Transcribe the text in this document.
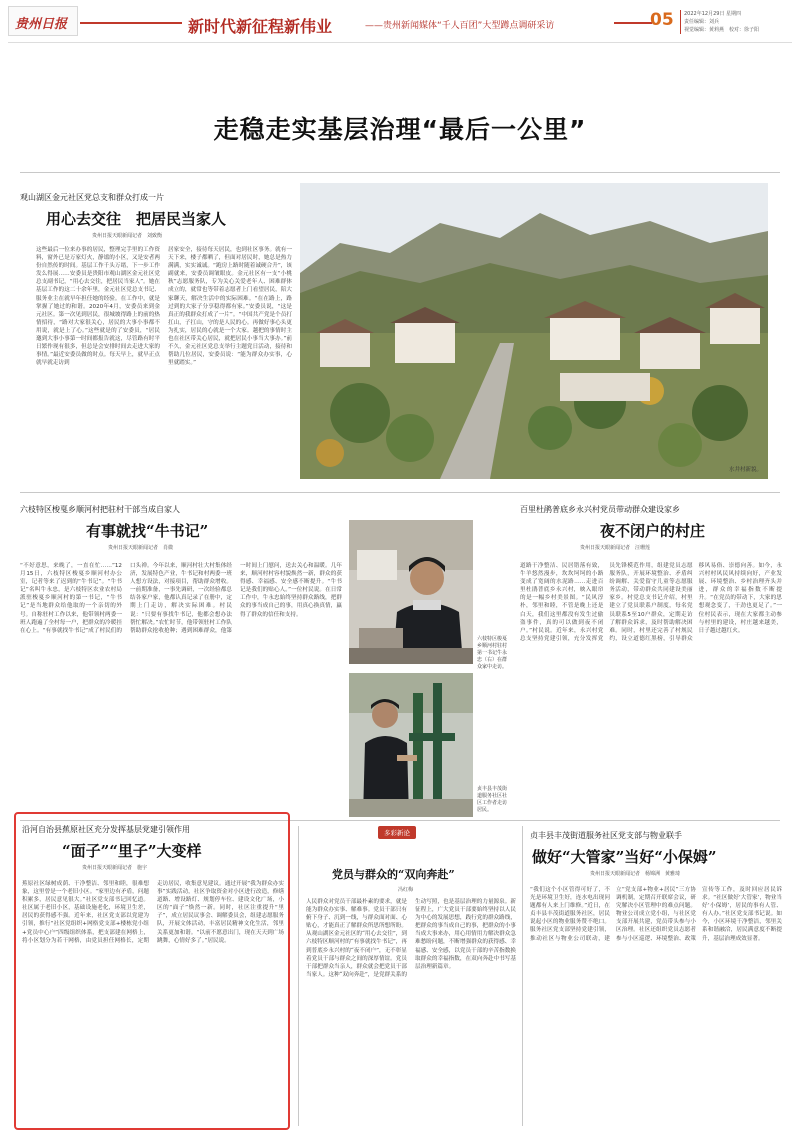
贵州日报	新时代新征程新伟业	——贵州新闻媒体“千人百团”大型蹲点调研采访	05 2022年12月29日 星期四
责任编辑：刘兵
视觉编辑：黄莉燕　校对：徐子阳
走稳走实基层治理“最后一公里”
观山湖区金元社区党总支和群众打成一片
用心去交往　把居民当家人
贵州日报天眼新闻记者　刘致衡
这些最后一位来办事的居民，整理完手里的工作资料，窗外已是万家灯火，静谧的小区，又是安者两份自然传的时间。基层工作千头万绪，下一步工作发么得展……安委员是贵阳市观山湖区金元社区党总支副书记，“用心去交往，把居民当家人”。她在基层工作的这二十余年里，金元社区党总支书记、服务业主在就早年担任她的经验。在工作中，就是掌握了她过的和谐。2020年4月，安委员来到金元社区。第一次见到居民，很城坡得路上的前的热情招待，“路对大家很关心，居民的大事小事都不用说，就是上了心。”这些就是的了安委员，“居民邀到大事小事第一时间都报告就这，尽管路有时平日繁作现有很多，但总是会安排时间去走进大家的事情。”最近安委员做的时点。每天早上，就早正点就早就走访到
居家安全，接待每天居民，也到社区事务。就有一天下来，楼子都晒了，但面对居民时，她总是热力满满，实实诚诚。“跑房上路时随着诚硬合升”，该副就来，安委员调皱眼皮。金元社区有一支“小桃秋”志愿服务队，专为关心关爱老年人、困难群体成立的，就常也等带着志愿者上门看望居民，陪大家聊天，解决生活中的实际困难。“在在路上，路过到的大家子分享稳得都有家。”安委员说，“这是真正的我群众打成了一片”。“中国共产党是个员打扛山，子扛山，守的是人民的心。再做好事心头更为扎实，居民的心就是一个大家。越把的事情时主也在社区带关心居民，就把居民小事当大事办。”前不久，金元社区党总支举行主题党日活动，接待和帮助几位居民，安委员说：“能为群众办实事，心里就踏实。”
水井村新貌。
六枝特区梭戛乡顺河村把驻村干部当成自家人
有事就找“牛书记”
贵州日报天眼新闻记者　肖微
“不好意思，来晚了，一直在忙……”12月15日，六枝特区梭戛乡顺河村办公室，记者等来了迟到的“牛书记”。“牛书记”名叫牛永忠，是六枝特区农业农村局派驻梭戛乡顺河村的第一书记，“牛书记”是当地群众给他取的一个亲切的外号。自称驻村工作以来，他带领村两委一班人跑遍了全村每一户，把群众的冷暖挂在心上。“有事就找牛书记”成了村民们的口头禅。今年以来，顺河村壮大村集体经济，发展特色产业，牛书记和村两委一班人想方设法，对接项目，帮助群众增收。一前期准备，一事先调研，一次经验都总结各家户家，他都认真记录了在册中，定期上门走访，解决实际困难。村民说：“只要有事找牛书记，他都会想办法帮忙解决。”农忙时节，他带领驻村工作队帮助群众抢收抢种；遇到困难群众，他第一时间上门慰问，送去关心和温暖。几年来，顺河村村容村貌焕然一新，群众的获得感、幸福感、安全感不断提升。“牛书记是我们的贴心人。”一位村民说。在日常工作中，牛永忠始终坚持群众路线，把群众的事当成自己的事，用真心换真情，赢得了群众的信任和支持。
六枝特区梭戛乡顺河村驻村第一书记牛永忠（右）在群众家中走访。
贞丰县丰茂街道服务社区社区工作者走访居民。
百里杜鹃普底乡永兴村党员带动群众建设家乡
夜不闭户的村庄
贵州日报天眼新闻记者　汪珊莲
道路干净整洁、民居错落有致，牛羊悠然漫步，坎坎坷坷的小路变成了宽阔的水泥路……走进百里杜鹃普底乡永兴村，映入眼帘的是一幅乡村美景图。“民风淳朴，邻里和睦，不管是晚上还是白天，我们这里都没有发生过偷盗事件，真的可以做到夜不闭户。”村民说。近年来，永兴村党总支坚持党建引领，充分发挥党员先锋模范作用，组建党员志愿服务队，开展环境整治、矛盾纠纷调解、关爱留守儿童等志愿服务活动，带动群众共同建设美丽家乡。村党总支书记介绍，村里建立了党员联系户制度，每名党员联系5至10户群众，定期走访了解群众诉求，及时帮助解决困难。同时，村里还完善了村规民约，设立道德红黑榜，引导群众移风易俗、崇德向善。如今，永兴村村风民风持续向好，产业发展、环境整治、乡村治理齐头并进，群众的幸福指数不断提升。“在党员的带动下，大家的思想观念变了，干劲也更足了。”一位村民表示，现在大家都主动参与村里的建设，村庄越来越美，日子越过越红火。
沿河自治县蕉原社区充分发挥基层党建引领作用
“面子”“里子”大变样
贵州日报天眼新闻记者　施宇
蕉原社区绿树成荫、干净整洁、邻里和睦，很难想象，这里曾是一个老旧小区。“家里边有矛盾，问题积累多，居民意见很大。”社区党支部书记回忆道。社区属于老旧小区，基础设施老化，环境卫生差，居民的获得感不强。近年来，社区党支部以党建为引领，推行“社区党组织+网格党支部+楼栋党小组+党员中心户”四级组织体系，把支部建在网格上，将小区划分为若干网格，由党员担任网格长，定期走访居民，收集意见建议。通过开展“我为群众办实事”实践活动，社区争取资金对小区进行改造，修缮道路、增设路灯、规划停车位、建设文化广场，小区的“面子”焕然一新。同时，社区注重提升“里子”，成立居民议事会、调解委员会，组建志愿服务队，开展文体活动，丰富居民精神文化生活，邻里关系更加和谐。“以前不愿意出门，现在天天到广场跳舞，心情好多了。”居民说。
多彩新论
党员与群众的“双向奔赴”
冯红梅
人民群众对党员干部最朴素的要求，就是能为群众办实事、解难事。党员干部只有俯下身子、沉到一线，与群众面对面、心贴心，才能真正了解群众所思所想所盼。从观山湖区金元社区的“用心去交往”，到六枝特区顺河村的“有事就找牛书记”，再到普底乡永兴村的“夜不闭户”，无不彰显着党员干部与群众之间的深厚情谊。党员干部把群众当亲人，群众就会把党员干部当家人。这种“双向奔赴”，是党群关系的生动写照，也是基层治理的力量源泉。新征程上，广大党员干部要始终坚持以人民为中心的发展思想，践行党的群众路线，把群众的事当成自己的事，把群众的小事当成大事来办，用心用情用力解决群众急难愁盼问题，不断增强群众的获得感、幸福感、安全感，以党员干部的辛苦指数换取群众的幸福指数，在双向奔赴中书写基层治理新篇章。
贞丰县丰茂街道服务社区党支部与物业联手
做好“大管家”当好“小保姆”
贵州日报天眼新闻记者　杨锦洲　黄雅琦
“我们这个小区管得可好了，不光是环境卫生好，连水电出现问题都有人来上门维修。”近日，在贞丰县丰茂街道服务社区，居民说起小区的物业服务赞不绝口。服务社区党支部坚持党建引领，推动社区与物业公司联动，建立“党支部+物业+居民”三方协调机制，定期召开联席会议，研究解决小区管理中的难点问题。物业公司成立党小组，与社区党支部开展共建，党员带头参与小区治理。社区还组织党员志愿者参与小区巡逻、环境整治、政策宣传等工作，及时回应居民诉求。“社区做好‘大管家’，物业当好‘小保姆’，居民的事有人管、有人办。”社区党支部书记说。如今，小区环境干净整洁，邻里关系和谐融洽，居民满意度不断提升，基层治理成效显著。
